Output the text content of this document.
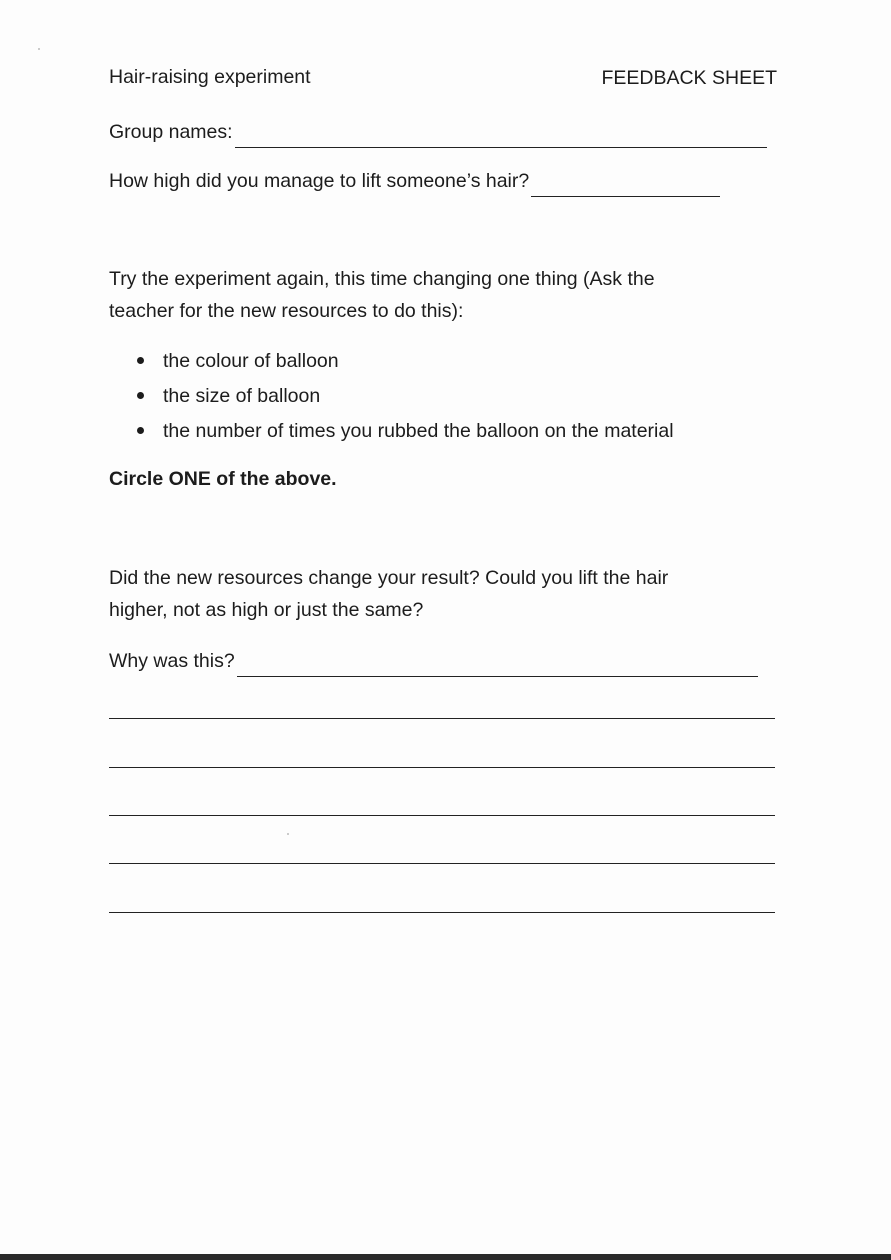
Hair-raising experiment	FEEDBACK SHEET
Group names:
How high did you manage to lift someone’s hair?
Try the experiment again, this time changing one thing (Ask the
teacher for the new resources to do this):
the colour of balloon
the size of balloon
the number of times you rubbed the balloon on the material
Circle ONE of the above.
Did the new resources change your result? Could you lift the hair
higher, not as high or just the same?
Why was this?
